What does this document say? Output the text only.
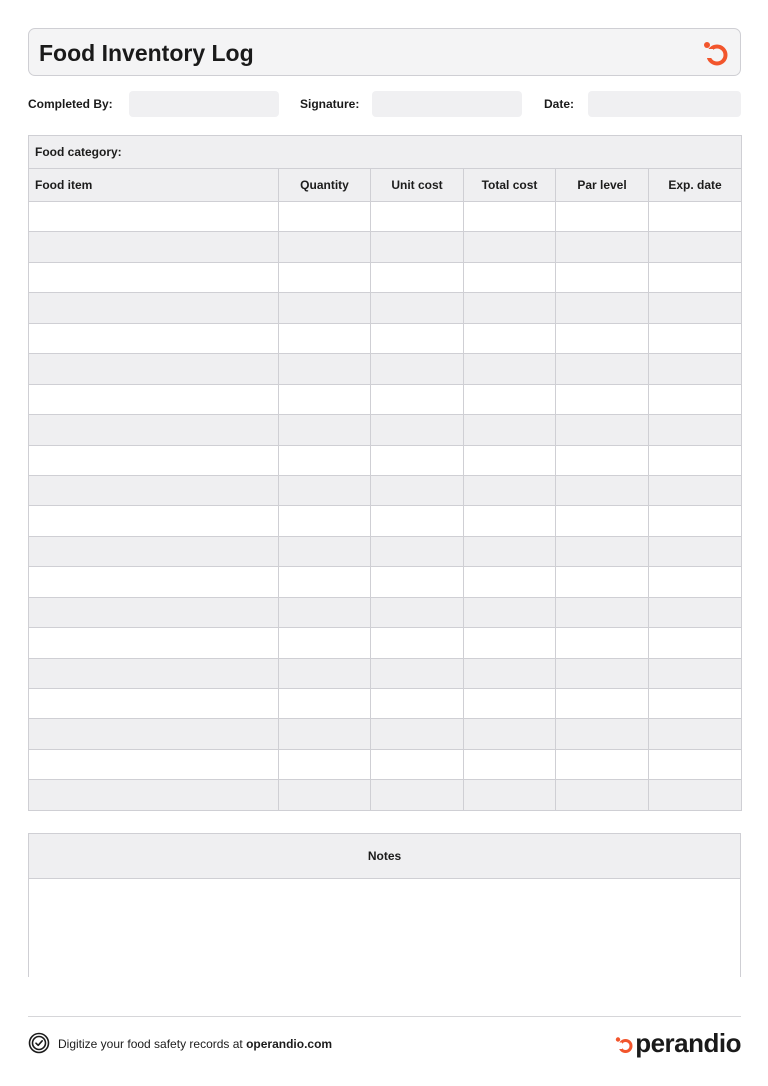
Food Inventory Log
Completed By:	Signature:	Date:
Food category:					
Food item	Quantity	Unit cost	Total cost	Par level	Exp. date

Notes
Digitize your food safety records at operandio.com	perandio
